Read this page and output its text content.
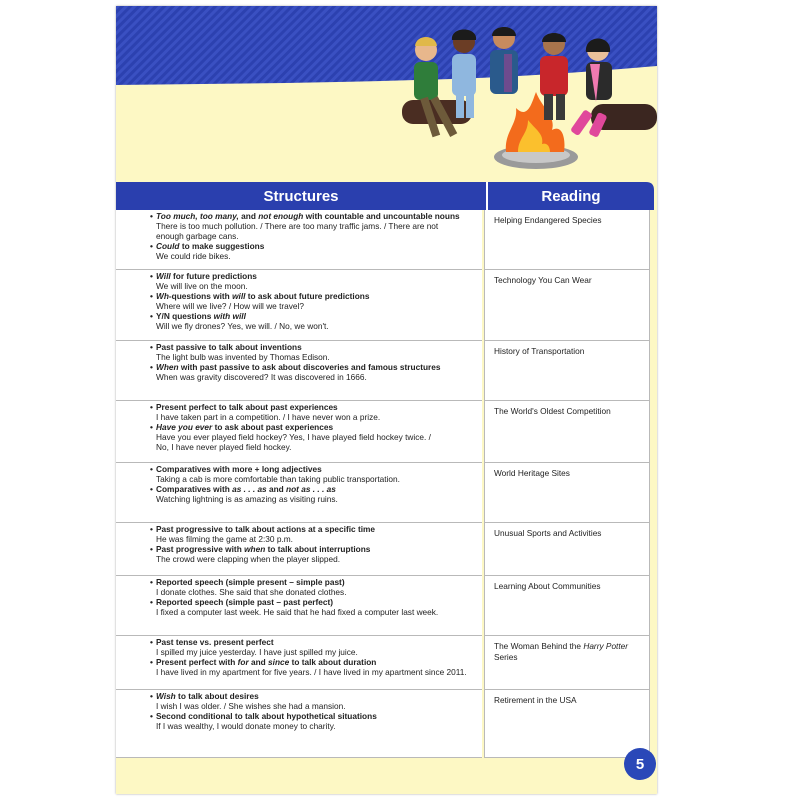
Structures	Reading
• Too much, too many, and not enough with countable and uncountable nouns
There is too much pollution. / There are too many traffic jams. / There are not
enough garbage cans.
• Could to make suggestions
We could ride bikes.
Helping Endangered Species
• Will for future predictions
We will live on the moon.
• Wh-questions with will to ask about future predictions
Where will we live? / How will we travel?
• Y/N questions with will
Will we fly drones? Yes, we will. / No, we won't.
Technology You Can Wear
• Past passive to talk about inventions
The light bulb was invented by Thomas Edison.
• When with past passive to ask about discoveries and famous structures
When was gravity discovered? It was discovered in 1666.
History of Transportation
• Present perfect to talk about past experiences
I have taken part in a competition. / I have never won a prize.
• Have you ever to ask about past experiences
Have you ever played field hockey? Yes, I have played field hockey twice. /
No, I have never played field hockey.
The World's Oldest Competition
• Comparatives with more + long adjectives
Taking a cab is more comfortable than taking public transportation.
• Comparatives with as . . . as and not as . . . as
Watching lightning is as amazing as visiting ruins.
World Heritage Sites
• Past progressive to talk about actions at a specific time
He was filming the game at 2:30 p.m.
• Past progressive with when to talk about interruptions
The crowd were clapping when the player slipped.
Unusual Sports and Activities
• Reported speech (simple present – simple past)
I donate clothes. She said that she donated clothes.
• Reported speech (simple past – past perfect)
I fixed a computer last week. He said that he had fixed a computer last week.
Learning About Communities
• Past tense vs. present perfect
I spilled my juice yesterday. I have just spilled my juice.
• Present perfect with for and since to talk about duration
I have lived in my apartment for five years. / I have lived in my apartment since 2011.
The Woman Behind the Harry Potter Series
• Wish to talk about desires
I wish I was older. / She wishes she had a mansion.
• Second conditional to talk about hypothetical situations
If I was wealthy, I would donate money to charity.
Retirement in the USA
5
